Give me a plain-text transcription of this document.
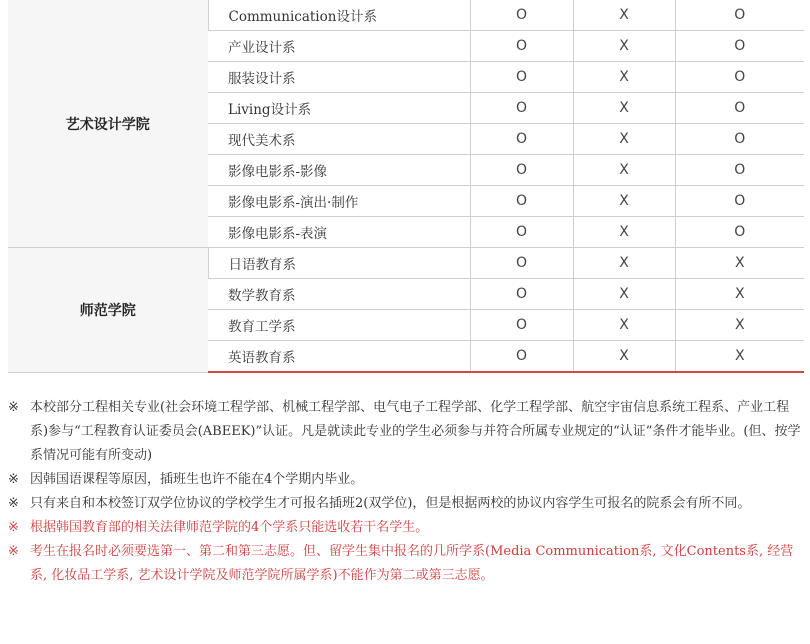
艺术设计学院	Communication设计系	O	X	O
	产业设计系	O	X	O
	服装设计系	O	X	O
	Living设计系	O	X	O
	现代美术系	O	X	O
	影像电影系-影像	O	X	O
	影像电影系-演出·制作	O	X	O
	影像电影系-表演	O	X	O
师范学院	日语教育系	O	X	X
	数学教育系	O	X	X
	教育工学系	O	X	X
	英语教育系	O	X	X
※ 本校部分工程相关专业(社会环境工程学部、机械工程学部、电气电子工程学部、化学工程学部、航空宇宙信息系统工程系、产业工程系)参与“工程教育认证委员会(ABEEK)”认证。凡是就读此专业的学生必须参与并符合所属专业规定的“认证”条件才能毕业。(但、按学系情况可能有所变动)
※ 因韩国语课程等原因，插班生也许不能在4个学期内毕业。
※ 只有来自和本校签订双学位协议的学校学生才可报名插班2(双学位)，但是根据两校的协议内容学生可报名的院系会有所不同。
※ 根据韩国教育部的相关法律师范学院的4个学系只能选收若干名学生。
※ 考生在报名时必须要选第一、第二和第三志愿。但、留学生集中报名的几所学系(Media Communication系, 文化Contents系, 经营系, 化妆品工学系, 艺术设计学院及师范学院所属学系)不能作为第二或第三志愿。
